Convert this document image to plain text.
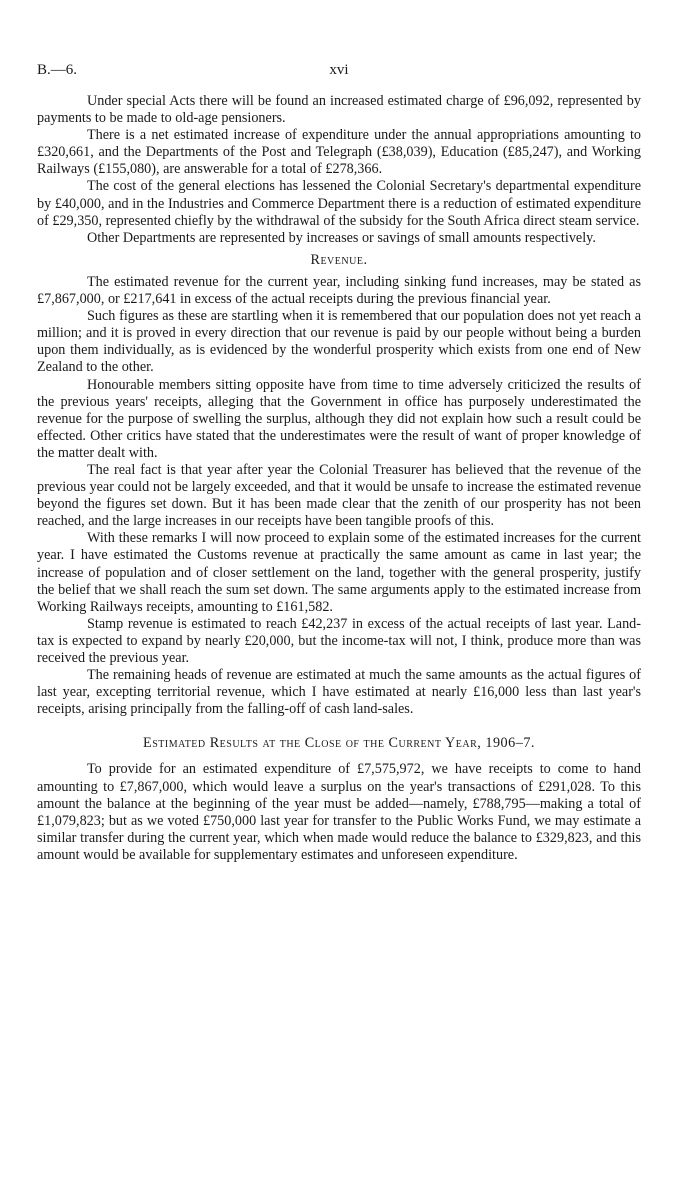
B.—6.	xvi

Under special Acts there will be found an increased estimated charge of £96,092, represented by payments to be made to old-age pensioners.

There is a net estimated increase of expenditure under the annual appropriations amounting to £320,661, and the Departments of the Post and Telegraph (£38,039), Education (£85,247), and Working Railways (£155,080), are answerable for a total of £278,366.

The cost of the general elections has lessened the Colonial Secretary's departmental expenditure by £40,000, and in the Industries and Commerce Department there is a reduction of estimated expenditure of £29,350, represented chiefly by the withdrawal of the subsidy for the South Africa direct steam service.

Other Departments are represented by increases or savings of small amounts respectively.

Revenue.

The estimated revenue for the current year, including sinking fund increases, may be stated as £7,867,000, or £217,641 in excess of the actual receipts during the previous financial year.

Such figures as these are startling when it is remembered that our population does not yet reach a million; and it is proved in every direction that our revenue is paid by our people without being a burden upon them individually, as is evidenced by the wonderful prosperity which exists from one end of New Zealand to the other.

Honourable members sitting opposite have from time to time adversely criticized the results of the previous years' receipts, alleging that the Government in office has purposely underestimated the revenue for the purpose of swelling the surplus, although they did not explain how such a result could be effected. Other critics have stated that the underestimates were the result of want of proper knowledge of the matter dealt with.

The real fact is that year after year the Colonial Treasurer has believed that the revenue of the previous year could not be largely exceeded, and that it would be unsafe to increase the estimated revenue beyond the figures set down. But it has been made clear that the zenith of our prosperity has not been reached, and the large increases in our receipts have been tangible proofs of this.

With these remarks I will now proceed to explain some of the estimated increases for the current year. I have estimated the Customs revenue at practically the same amount as came in last year; the increase of population and of closer settlement on the land, together with the general prosperity, justify the belief that we shall reach the sum set down. The same arguments apply to the estimated increase from Working Railways receipts, amounting to £161,582.

Stamp revenue is estimated to reach £42,237 in excess of the actual receipts of last year. Land-tax is expected to expand by nearly £20,000, but the income-tax will not, I think, produce more than was received the previous year.

The remaining heads of revenue are estimated at much the same amounts as the actual figures of last year, excepting territorial revenue, which I have estimated at nearly £16,000 less than last year's receipts, arising principally from the falling-off of cash land-sales.

Estimated Results at the Close of the Current Year, 1906–7.

To provide for an estimated expenditure of £7,575,972, we have receipts to come to hand amounting to £7,867,000, which would leave a surplus on the year's transactions of £291,028. To this amount the balance at the beginning of the year must be added—namely, £788,795—making a total of £1,079,823; but as we voted £750,000 last year for transfer to the Public Works Fund, we may estimate a similar transfer during the current year, which when made would reduce the balance to £329,823, and this amount would be available for supplementary estimates and unforeseen expenditure.
